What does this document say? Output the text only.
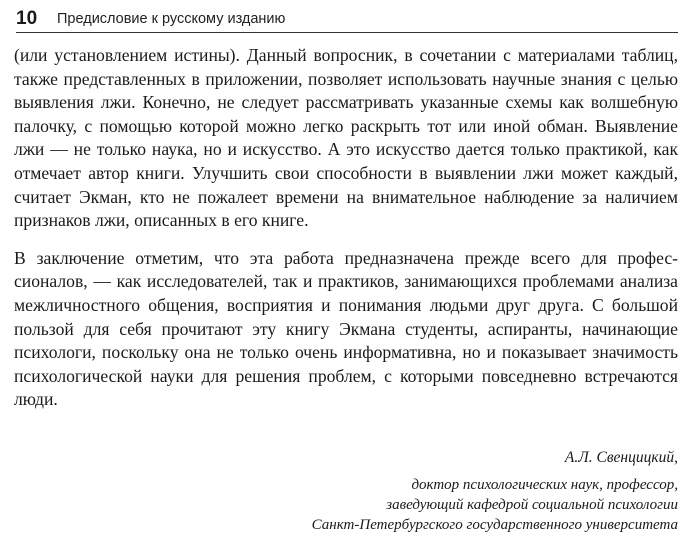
10 Предисловие к русскому изданию

(или установлением истины). Данный вопросник, в сочетании с материалами таблиц, также представленных в приложении, позволяет использовать научные знания с целью выявления лжи. Конечно, не следует рассматривать указанные схемы как волшебную палочку, с помощью которой можно легко раскрыть тот или иной обман. Выявление лжи — не только наука, но и искусство. А это искусство дается только практикой, как отмечает автор книги. Улучшить свои способности в выявлении лжи может каждый, считает Экман, кто не пожалеет времени на внимательное наблюдение за наличием признаков лжи, описанных в его книге.

В заключение отметим, что эта работа предназначена прежде всего для профессионалов, — как исследователей, так и практиков, занимающихся проблемами анализа межличностного общения, восприятия и понимания людьми друг друга. С большой пользой для себя прочитают эту книгу Экмана студенты, аспиранты, начинающие психологи, поскольку она не только очень информативна, но и показывает значимость психологической науки для решения проблем, с которыми повседневно встречаются люди.

А.Л. Свенцицкий,
доктор психологических наук, профессор,
заведующий кафедрой социальной психологии
Санкт-Петербургского государственного университета
